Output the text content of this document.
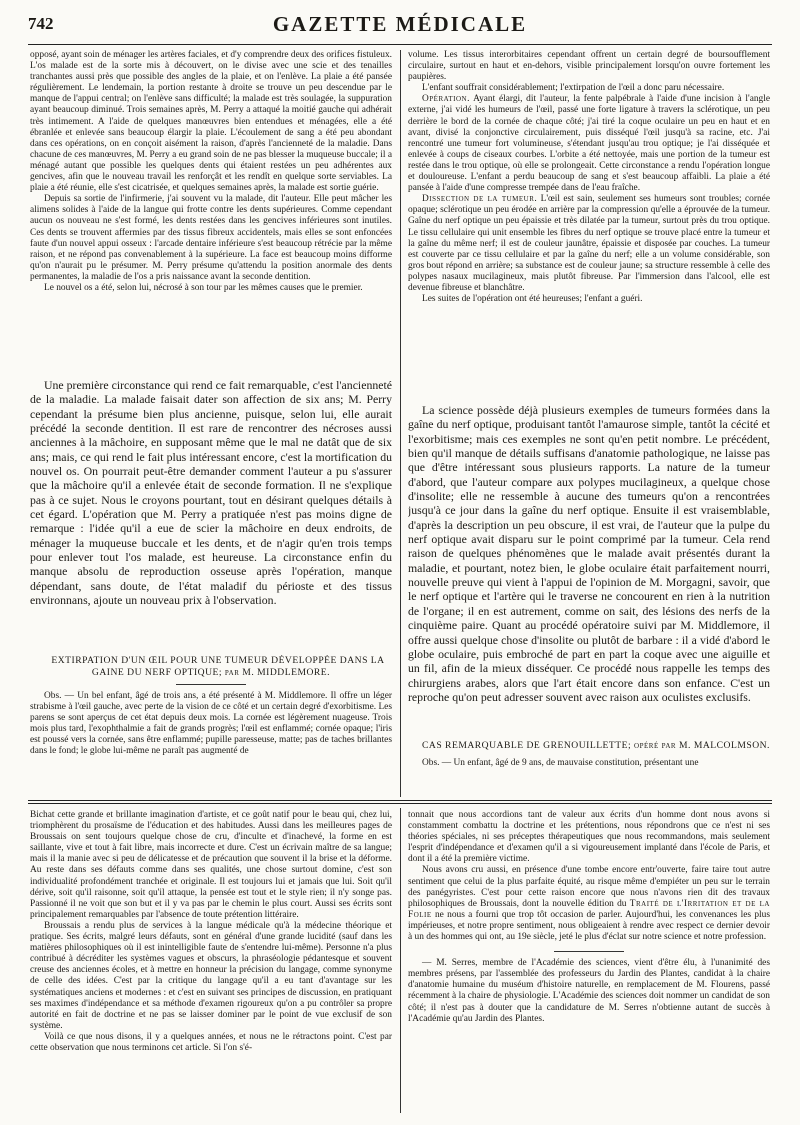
742	GAZETTE MÉDICALE

opposé, ayant soin de ménager les artères faciales, et d'y comprendre deux des orifices fistuleux. L'os malade est de la sorte mis à découvert, on le divise avec une scie et des tenailles tranchantes aussi près que possible des angles de la plaie, et on l'enlève. La plaie a été pansée régulièrement. Le lendemain, la portion restante à droite se trouve un peu descendue par le manque de l'appui central; on l'enlève sans difficulté; la malade est très soulagée, la suppuration ayant beaucoup diminué. Trois semaines après, M. Perry a attaqué la moitié gauche qui adhérait très intimement. A l'aide de quelques manœuvres bien entendues et ménagées, elle a été ébranlée et enlevée sans beaucoup élargir la plaie. L'écoulement de sang a été peu abondant dans ces opérations, on en conçoit aisément la raison, d'après l'ancienneté de la maladie. Dans chacune de ces manœuvres, M. Perry a eu grand soin de ne pas blesser la muqueuse buccale; il a ménagé autant que possible les quelques dents qui étaient restées un peu adhérentes aux gencives, afin que le nouveau travail les renforçât et les rendît en quelque sorte serviables. La plaie a été réunie, elle s'est cicatrisée, et quelques semaines après, la malade est sortie guérie.

Depuis sa sortie de l'infirmerie, j'ai souvent vu la malade, dit l'auteur. Elle peut mâcher les alimens solides à l'aide de la langue qui frotte contre les dents supérieures. Comme cependant aucun os nouveau ne s'est formé, les dents restées dans les gencives inférieures sont inutiles. Ces dents se trouvent affermies par des tissus fibreux accidentels, mais elles se sont enfoncées faute d'un nouvel appui osseux : l'arcade dentaire inférieure s'est beaucoup rétrécie par la même raison, et ne répond pas convenablement à la supérieure. La face est beaucoup moins difforme qu'on n'aurait pu le présumer. M. Perry présume qu'attendu la position anormale des dents permanentes, la maladie de l'os a pris naissance avant la seconde dentition.

Le nouvel os a été, selon lui, nécrosé à son tour par les mêmes causes que le premier.

Une première circonstance qui rend ce fait remarquable, c'est l'ancienneté de la maladie. La malade faisait dater son affection de six ans; M. Perry cependant la présume bien plus ancienne, puisque, selon lui, elle aurait précédé la seconde dentition. Il est rare de rencontrer des nécroses aussi anciennes à la mâchoire, en supposant même que le mal ne datât que de six ans; mais, ce qui rend le fait plus intéressant encore, c'est la mortification du nouvel os. On pourrait peut-être demander comment l'auteur a pu s'assurer que la mâchoire qu'il a enlevée était de seconde formation. Il ne s'explique pas à ce sujet. Nous le croyons pourtant, tout en désirant quelques détails à cet égard. L'opération que M. Perry a pratiquée n'est pas moins digne de remarque : l'idée qu'il a eue de scier la mâchoire en deux endroits, de ménager la muqueuse buccale et les dents, et de n'agir qu'en trois temps pour enlever tout l'os malade, est heureuse. La circonstance enfin du manque absolu de reproduction osseuse après l'opération, manque dépendant, sans doute, de l'état maladif du périoste et des tissus environnans, ajoute un nouveau prix à l'observation.

EXTIRPATION D'UN ŒIL POUR UNE TUMEUR DÉVELOPPÉE DANS LA GAINE DU NERF OPTIQUE; par M. MIDDLEMORE.

Obs. — Un bel enfant, âgé de trois ans, a été présenté à M. Middlemore. Il offre un léger strabisme à l'œil gauche, avec perte de la vision de ce côté et un certain degré d'exorbitisme. Les parens se sont aperçus de cet état depuis deux mois. La cornée est légèrement nuageuse. Trois mois plus tard, l'exophthalmie a fait de grands progrès; l'œil est enflammé; cornée opaque; l'iris est poussé vers la cornée, sans être enflammé; pupille paresseuse, matte; pas de taches brillantes dans le fond; le globe lui-même ne paraît pas augmenté de

volume. Les tissus interorbitaires cependant offrent un certain degré de boursoufflement circulaire, surtout en haut et en-dehors, visible principalement lorsqu'on ouvre fortement les paupières.

L'enfant souffrait considérablement; l'extirpation de l'œil a donc paru nécessaire.

Opération. Ayant élargi, dit l'auteur, la fente palpébrale à l'aide d'une incision à l'angle externe, j'ai vidé les humeurs de l'œil, passé une forte ligature à travers la sclérotique, un peu derrière le bord de la cornée de chaque côté; j'ai tiré la coque oculaire un peu en haut et en avant, divisé la conjonctive circulairement, puis disséqué l'œil jusqu'à sa racine, etc. J'ai rencontré une tumeur fort volumineuse, s'étendant jusqu'au trou optique; je l'ai disséquée et enlevée à coups de ciseaux courbes. L'orbite a été nettoyée, mais une portion de la tumeur est restée dans le trou optique, où elle se prolongeait. Cette circonstance a rendu l'opération longue et douloureuse. L'enfant a perdu beaucoup de sang et s'est beaucoup affaibli. La plaie a été pansée à l'aide d'une compresse trempée dans de l'eau fraîche.

Dissection de la tumeur. L'œil est sain, seulement ses humeurs sont troubles; cornée opaque; sclérotique un peu érodée en arrière par la compression qu'elle a éprouvée de la tumeur. Gaîne du nerf optique un peu épaissie et très dilatée par la tumeur, surtout près du trou optique. Le tissu cellulaire qui unit ensemble les fibres du nerf optique se trouve placé entre la tumeur et la gaîne du même nerf; il est de couleur jaunâtre, épaissie et disposée par couches. La tumeur est couverte par ce tissu cellulaire et par la gaîne du nerf; elle a un volume considérable, son gros bout répond en arrière; sa substance est de couleur jaune; sa structure ressemble à celle des polypes nasaux mucilagineux, mais plutôt fibreuse. Par l'immersion dans l'alcool, elle est devenue fibreuse et blanchâtre.

Les suites de l'opération ont été heureuses; l'enfant a guéri.

La science possède déjà plusieurs exemples de tumeurs formées dans la gaîne du nerf optique, produisant tantôt l'amaurose simple, tantôt la cécité et l'exorbitisme; mais ces exemples ne sont qu'en petit nombre. Le précédent, bien qu'il manque de détails suffisans d'anatomie pathologique, ne laisse pas que d'être intéressant sous plusieurs rapports. La nature de la tumeur d'abord, que l'auteur compare aux polypes mucilagineux, a quelque chose d'insolite; elle ne ressemble à aucune des tumeurs qu'on a rencontrées jusqu'à ce jour dans la gaîne du nerf optique. Ensuite il est vraisemblable, d'après la description un peu obscure, il est vrai, de l'auteur que la pulpe du nerf optique avait disparu sur le point comprimé par la tumeur. Cela rend raison de quelques phénomènes que le malade avait présentés durant la maladie, et pourtant, notez bien, le globe oculaire était parfaitement nourri, nouvelle preuve qui vient à l'appui de l'opinion de M. Morgagni, savoir, que le nerf optique et l'artère qui le traverse ne concourent en rien à la nutrition de l'organe; il en est autrement, comme on sait, des lésions des nerfs de la cinquième paire. Quant au procédé opératoire suivi par M. Middlemore, il offre aussi quelque chose d'insolite ou plutôt de barbare : il a vidé d'abord le globe oculaire, puis embroché de part en part la coque avec une aiguille et un fil, afin de la mieux disséquer. Ce procédé nous rappelle les temps des chirurgiens arabes, alors que l'art était encore dans son enfance. C'est un reproche qu'on peut adresser souvent avec raison aux oculistes exclusifs.

CAS REMARQUABLE DE GRENOUILLETTE; opéré par M. MALCOLMSON.

Obs. — Un enfant, âgé de 9 ans, de mauvaise constitution, présentant une

Bichat cette grande et brillante imagination d'artiste, et ce goût natif pour le beau qui, chez lui, triomphèrent du prosaïsme de l'éducation et des habitudes. Aussi dans les meilleures pages de Broussais on sent toujours quelque chose de cru, d'inculte et d'inachevé, la forme en est saillante, vive et tout à fait libre, mais incorrecte et dure. C'est un écrivain maître de sa langue; mais il la manie avec si peu de délicatesse et de précaution que souvent il la brise et la déforme. Au reste dans ses défauts comme dans ses qualités, une chose surtout domine, c'est son individualité profondément tranchée et originale. Il est toujours lui et jamais que lui. Soit qu'il dérive, soit qu'il raisonne, soit qu'il attaque, la pensée est tout et le style rien; il n'y songe pas. Passionné il ne voit que son but et il y va pas par le chemin le plus court. Aussi ses écrits sont principalement remarquables par l'absence de toute prétention littéraire.

Broussais a rendu plus de services à la langue médicale qu'à la médecine théorique et pratique. Ses écrits, malgré leurs défauts, sont en général d'une grande lucidité (sauf dans les matières philosophiques où il est inintelligible faute de s'entendre lui-même). Personne n'a plus contribué à décréditer les systèmes vagues et obscurs, la phraséologie pédantesque et souvent creuse des anciennes écoles, et à mettre en honneur la précision du langage, comme synonyme de celle des idées. C'est par la critique du langage qu'il a eu tant d'avantage sur les systématiques anciens et modernes : et c'est en suivant ses principes de discussion, en pratiquant ses maximes d'indépendance et sa méthode d'examen rigoureux qu'on a pu contrôler sa propre autorité en fait de doctrine et ne pas se laisser dominer par le point de vue exclusif de son système.

Voilà ce que nous disons, il y a quelques années, et nous ne le rétractons point. C'est par cette observation que nous terminons cet article. Si l'on s'é-

tonnait que nous accordions tant de valeur aux écrits d'un homme dont nous avons si constamment combattu la doctrine et les prétentions, nous répondrons que ce n'est ni ses théories spéciales, ni ses préceptes thérapeutiques que nous recommandons, mais seulement l'esprit d'indépendance et d'examen qu'il a si vigoureusement implanté dans l'école de Paris, et dont il a été la première victime.

Nous avons cru aussi, en présence d'une tombe encore entr'ouverte, faire taire tout autre sentiment que celui de la plus parfaite équité, au risque même d'empiéter un peu sur le terrain des panégyristes. C'est pour cette raison encore que nous n'avons rien dit des travaux philosophiques de Broussais, dont la nouvelle édition du Traité de l'Irritation et de la Folie ne nous a fourni que trop tôt occasion de parler. Aujourd'hui, les convenances les plus impérieuses, et notre propre sentiment, nous obligeaient à rendre avec respect ce dernier devoir à un des hommes qui ont, au 19e siècle, jeté le plus d'éclat sur notre science et notre profession.

— M. Serres, membre de l'Académie des sciences, vient d'être élu, à l'unanimité des membres présens, par l'assemblée des professeurs du Jardin des Plantes, candidat à la chaire d'anatomie humaine du muséum d'histoire naturelle, en remplacement de M. Flourens, passé récemment à la chaire de physiologie. L'Académie des sciences doit nommer un candidat de son côté; il n'est pas à douter que la candidature de M. Serres n'obtienne autant de succès à l'Académie qu'au Jardin des Plantes.
